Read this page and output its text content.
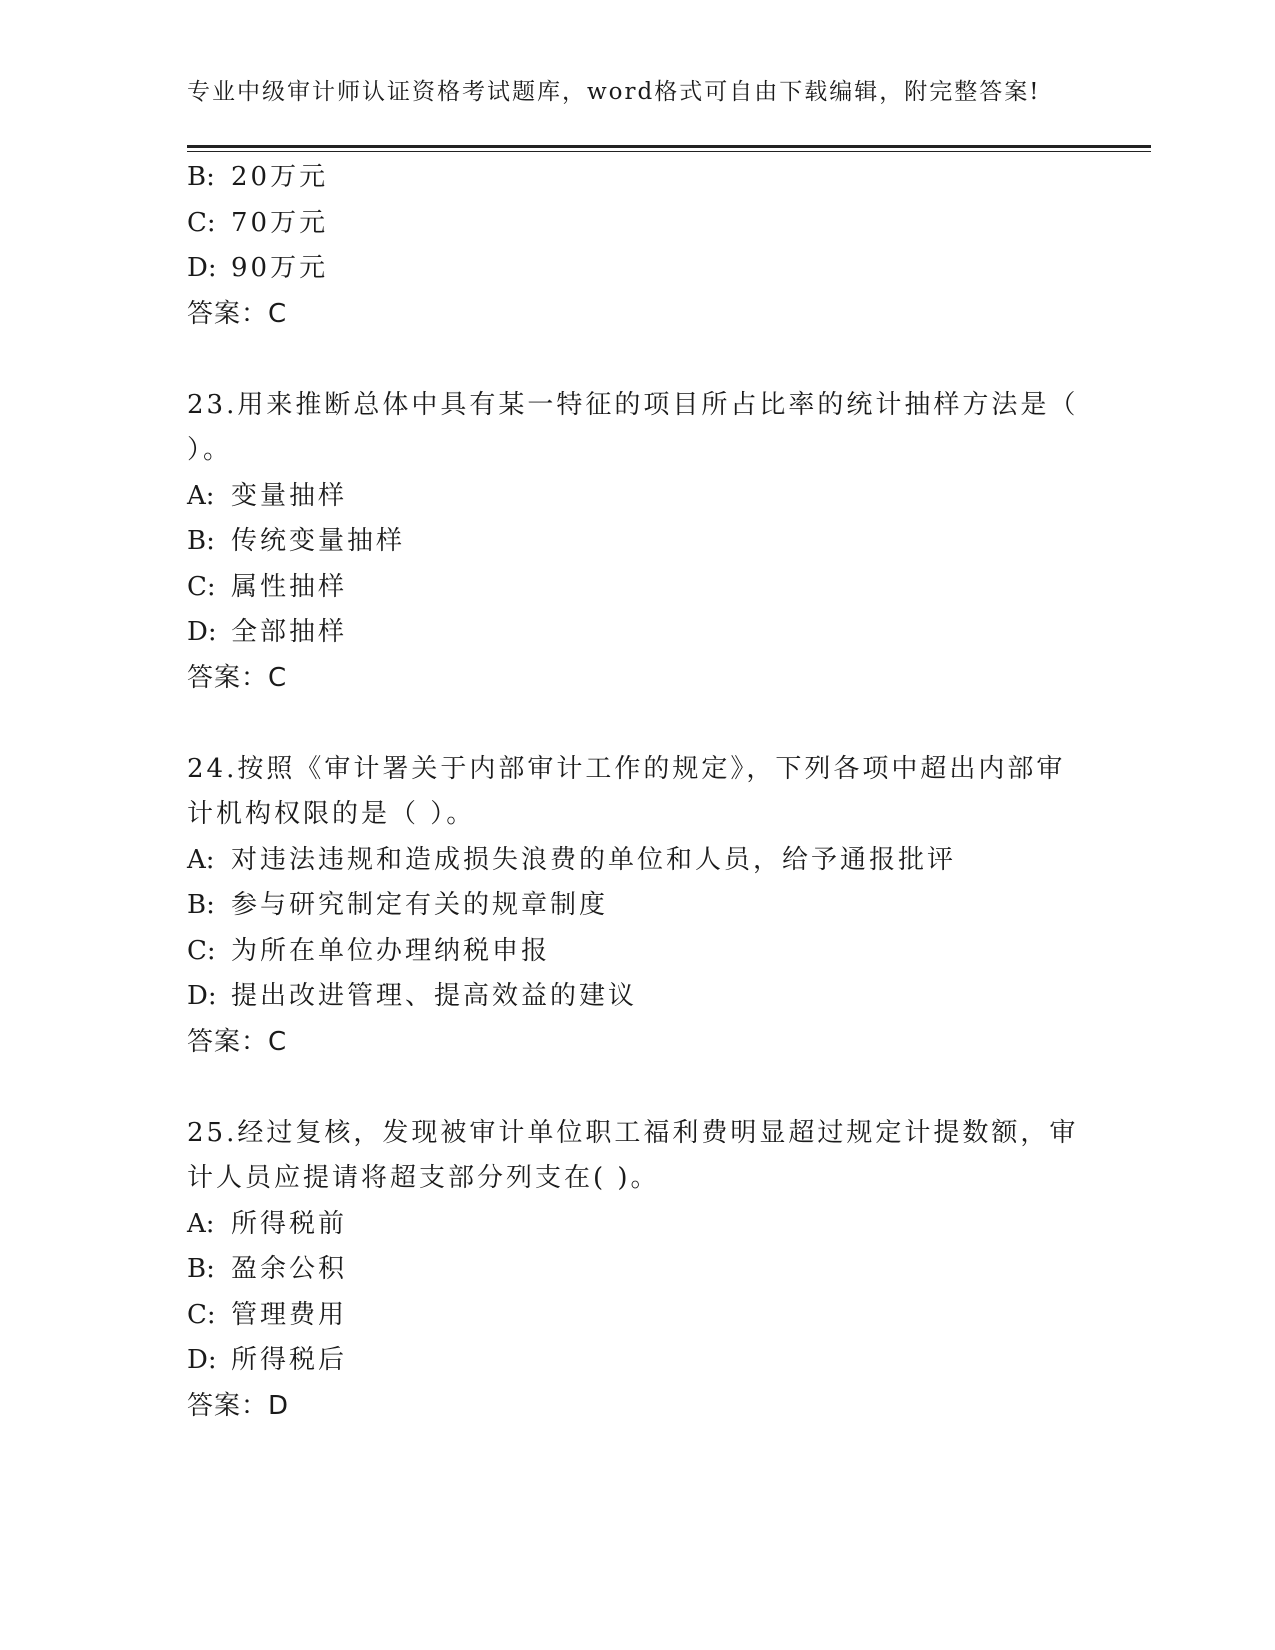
专业中级审计师认证资格考试题库，word格式可自由下载编辑，附完整答案!
B: 20万元
C: 70万元
D: 90万元
答案：C
23.用来推断总体中具有某一特征的项目所占比率的统计抽样方法是（
）。
A: 变量抽样
B: 传统变量抽样
C: 属性抽样
D: 全部抽样
答案：C
24.按照《审计署关于内部审计工作的规定》，下列各项中超出内部审
计机构权限的是（ ）。
A: 对违法违规和造成损失浪费的单位和人员，给予通报批评
B: 参与研究制定有关的规章制度
C: 为所在单位办理纳税申报
D: 提出改进管理、提高效益的建议
答案：C
25.经过复核，发现被审计单位职工福利费明显超过规定计提数额，审
计人员应提请将超支部分列支在( )。
A: 所得税前
B: 盈余公积
C: 管理费用
D: 所得税后
答案：D
